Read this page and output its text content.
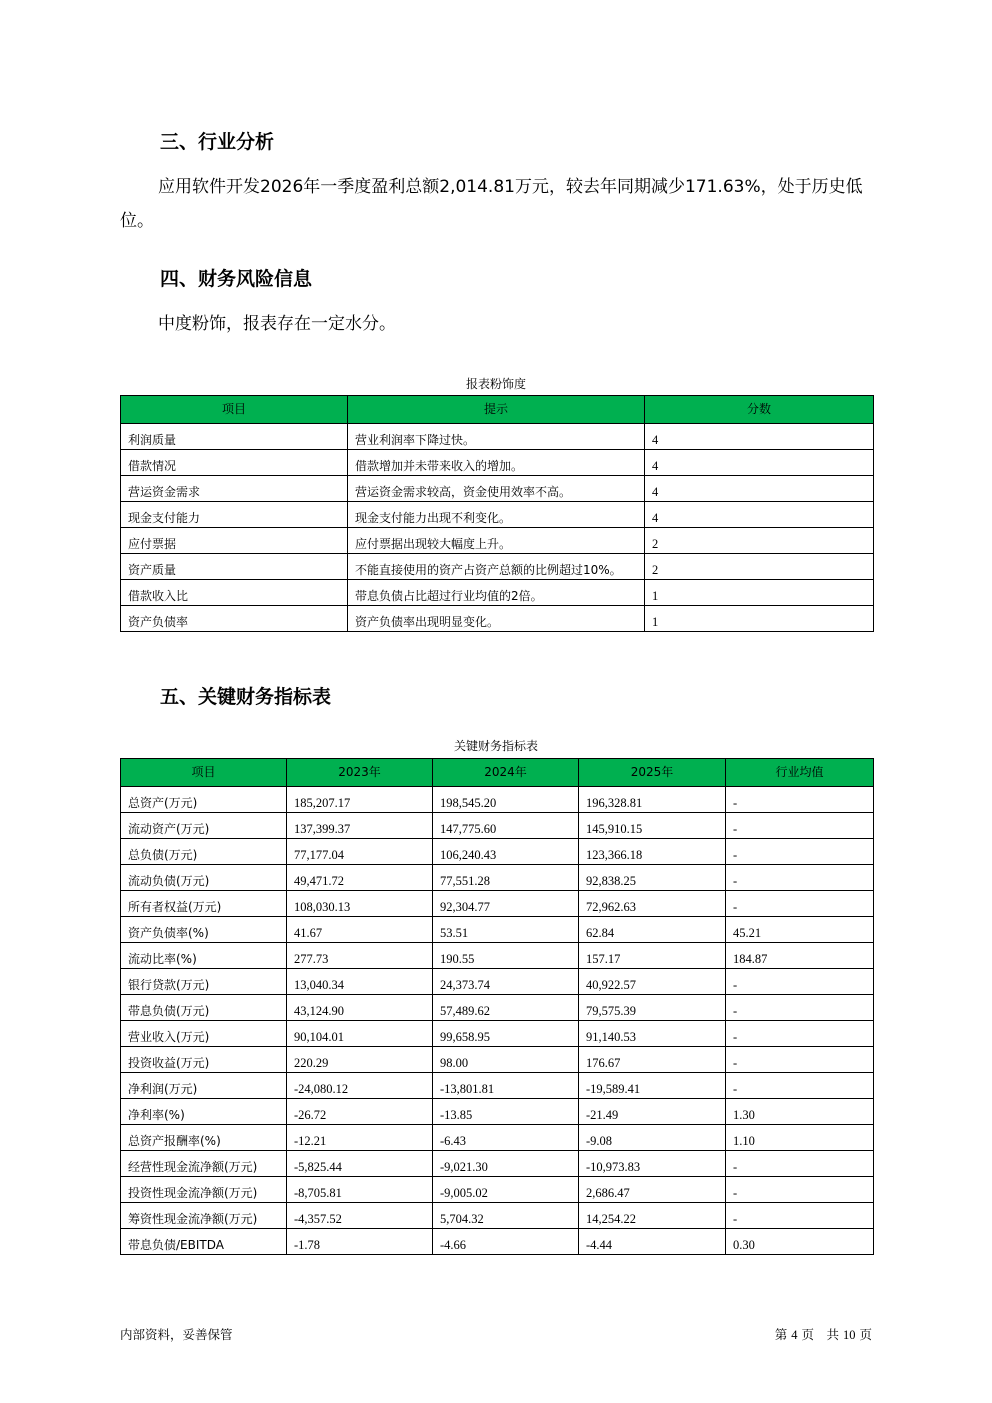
三、行业分析

应用软件开发2026年一季度盈利总额2,014.81万元，较去年同期减少171.63%，处于历史低位。

四、财务风险信息

中度粉饰，报表存在一定水分。

报表粉饰度
项目	提示	分数
利润质量	营业利润率下降过快。	4
借款情况	借款增加并未带来收入的增加。	4
营运资金需求	营运资金需求较高，资金使用效率不高。	4
现金支付能力	现金支付能力出现不利变化。	4
应付票据	应付票据出现较大幅度上升。	2
资产质量	不能直接使用的资产占资产总额的比例超过10%。	2
借款收入比	带息负债占比超过行业均值的2倍。	1
资产负债率	资产负债率出现明显变化。	1
五、关键财务指标表
关键财务指标表
项目	2023年	2024年	2025年	行业均值
总资产(万元)	185,207.17	198,545.20	196,328.81	-
流动资产(万元)	137,399.37	147,775.60	145,910.15	-
总负债(万元)	77,177.04	106,240.43	123,366.18	-
流动负债(万元)	49,471.72	77,551.28	92,838.25	-
所有者权益(万元)	108,030.13	92,304.77	72,962.63	-
资产负债率(%)	41.67	53.51	62.84	45.21
流动比率(%)	277.73	190.55	157.17	184.87
银行贷款(万元)	13,040.34	24,373.74	40,922.57	-
带息负债(万元)	43,124.90	57,489.62	79,575.39	-
营业收入(万元)	90,104.01	99,658.95	91,140.53	-
投资收益(万元)	220.29	98.00	176.67	-
净利润(万元)	-24,080.12	-13,801.81	-19,589.41	-
净利率(%)	-26.72	-13.85	-21.49	1.30
总资产报酬率(%)	-12.21	-6.43	-9.08	1.10
经营性现金流净额(万元)	-5,825.44	-9,021.30	-10,973.83	-
投资性现金流净额(万元)	-8,705.81	-9,005.02	2,686.47	-
筹资性现金流净额(万元)	-4,357.52	5,704.32	14,254.22	-
带息负债/EBITDA	-1.78	-4.66	-4.44	0.30
内部资料，妥善保管	第 4 页　共 10 页
